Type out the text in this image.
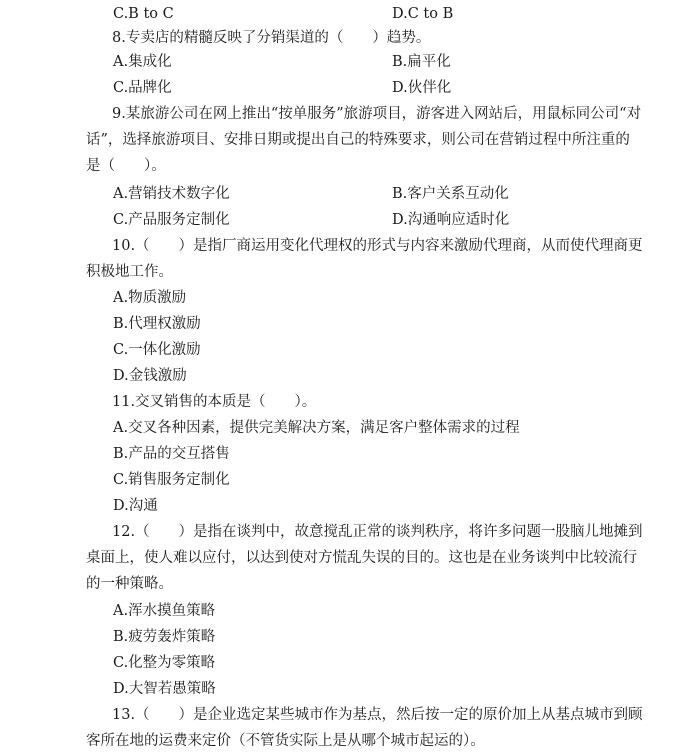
C.B to C	D.C to B
8.专卖店的精髓反映了分销渠道的（　　）趋势。
A.集成化	B.扁平化
C.品牌化	D.伙伴化
9.某旅游公司在网上推出“按单服务”旅游项目，游客进入网站后，用鼠标同公司“对
话”，选择旅游项目、安排日期或提出自己的特殊要求，则公司在营销过程中所注重的
是（　　）。
A.营销技术数字化	B.客户关系互动化
C.产品服务定制化	D.沟通响应适时化
10.（　　）是指厂商运用变化代理权的形式与内容来激励代理商，从而使代理商更
积极地工作。
A.物质激励
B.代理权激励
C.一体化激励
D.金钱激励
11.交叉销售的本质是（　　）。
A.交叉各种因素，提供完美解决方案，满足客户整体需求的过程
B.产品的交互搭售
C.销售服务定制化
D.沟通
12.（　　）是指在谈判中，故意搅乱正常的谈判秩序，将许多问题一股脑儿地摊到
桌面上，使人难以应付，以达到使对方慌乱失误的目的。这也是在业务谈判中比较流行
的一种策略。
A.浑水摸鱼策略
B.疲劳轰炸策略
C.化整为零策略
D.大智若愚策略
13.（　　）是企业选定某些城市作为基点，然后按一定的原价加上从基点城市到顾
客所在地的运费来定价（不管货实际上是从哪个城市起运的）。
